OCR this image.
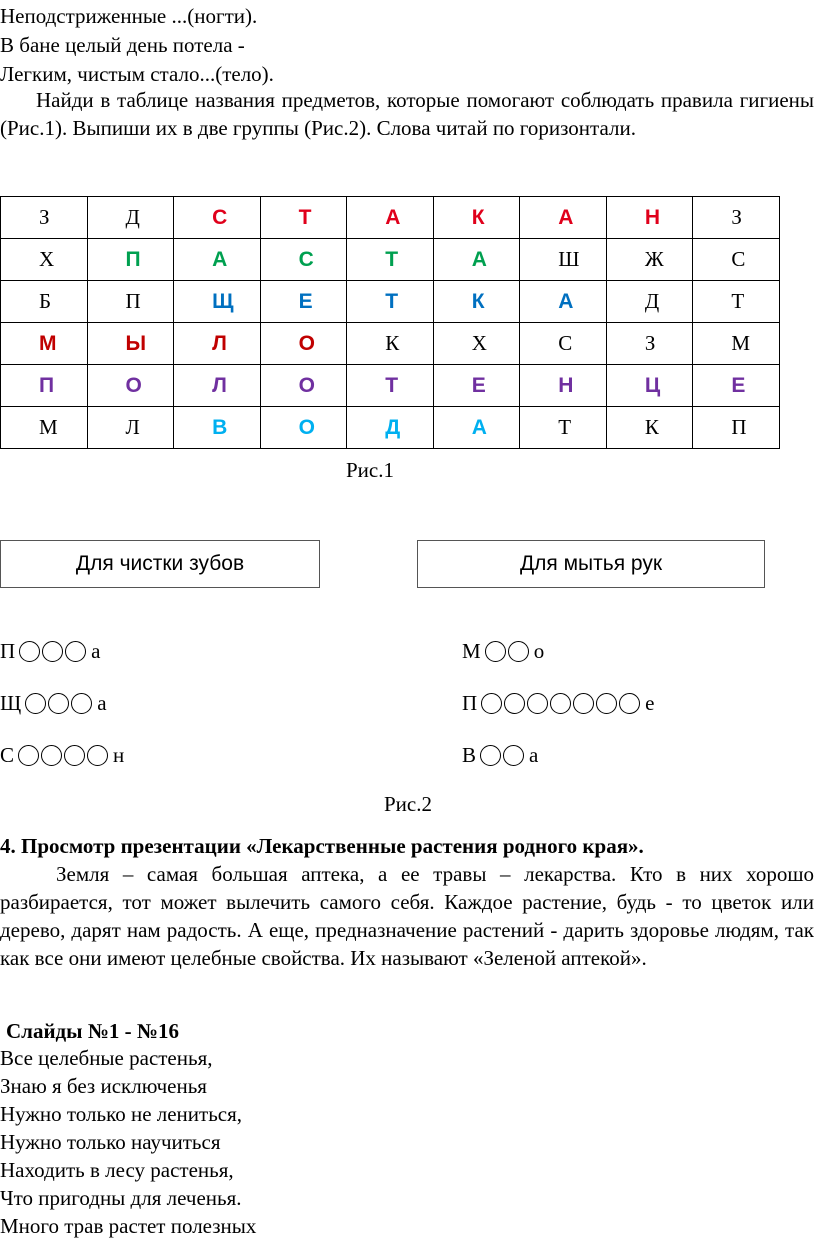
Неподстриженные ...(ногти).
В бане целый день потела -
Легким, чистым стало...(тело).
Найди в таблице названия предметов, которые помогают соблюдать правила гигиены (Рис.1). Выпиши их в две группы (Рис.2). Слова читай по горизонтали.
З	Д	С	Т	А	К	А	Н	З
Х	П	А	С	Т	А	Ш	Ж	С
Б	П	Щ	Е	Т	К	А	Д	Т
М	Ы	Л	О	К	Х	С	З	М
П	О	Л	О	Т	Е	Н	Ц	Е
М	Л	В	О	Д	А	Т	К	П
Рис.1
Для чистки зубов	Для мытья рук
П	а
Щ	а
С	н
М	о
П	е
В	а
Рис.2
4. Просмотр презентации «Лекарственные растения родного края».
Земля – самая большая аптека, а ее травы – лекарства. Кто в них хорошо разбирается, тот может вылечить самого себя. Каждое растение, будь - то цветок или дерево, дарят нам радость. А еще, предназначение растений - дарить здоровье людям, так как все они имеют целебные свойства. Их называют «Зеленой аптекой».
Слайды №1 - №16
Все целебные растенья,
Знаю я без исключенья
Нужно только не лениться,
Нужно только научиться
Находить в лесу растенья,
Что пригодны для леченья.
Много трав растет полезных
